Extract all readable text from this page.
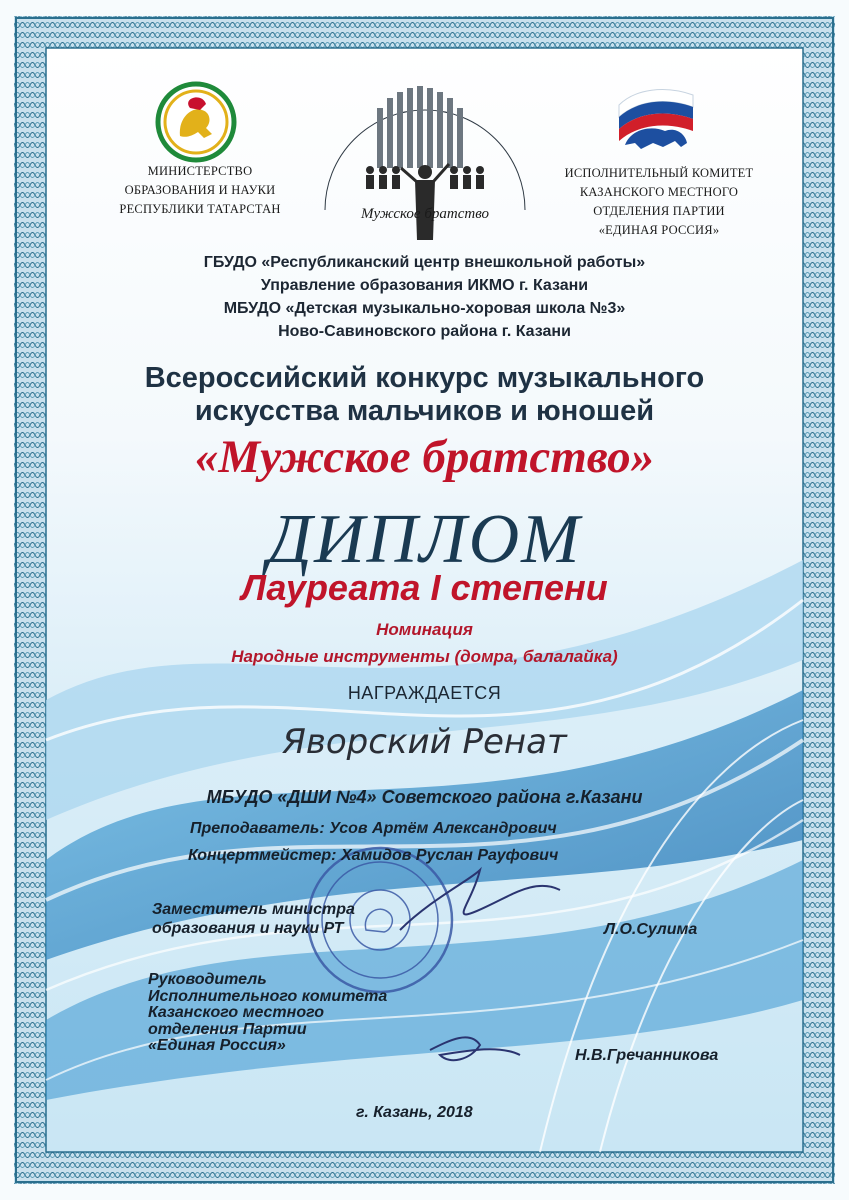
МИНИСТЕРСТВО
ОБРАЗОВАНИЯ И НАУКИ
РЕСПУБЛИКИ ТАТАРСТАН	Мужское братство
ИСПОЛНИТЕЛЬНЫЙ КОМИТЕТ
КАЗАНСКОГО МЕСТНОГО
ОТДЕЛЕНИЯ ПАРТИИ
«ЕДИНАЯ РОССИЯ»
ГБУДО «Республиканский центр внешкольной работы»
Управление образования ИКМО г. Казани
МБУДО «Детская музыкально-хоровая школа №3»
Ново-Савиновского района г. Казани
Всероссийский конкурс музыкального
искусства мальчиков и юношей
«Мужское братство»
ДИПЛОМ
Лауреата I степени
Номинация
Народные инструменты (домра, балалайка)
НАГРАЖДАЕТСЯ
Яворский Ренат
МБУДО «ДШИ №4» Советского района г.Казани
Преподаватель: Усов Артём Александрович
Концертмейстер: Хамидов Руслан Рауфович
Заместитель министра
образования и науки РТ	Л.О.Сулима
Руководитель
Исполнительного комитета
Казанского местного
отделения Партии
«Единая Россия»
Н.В.Гречанникова
г. Казань, 2018
